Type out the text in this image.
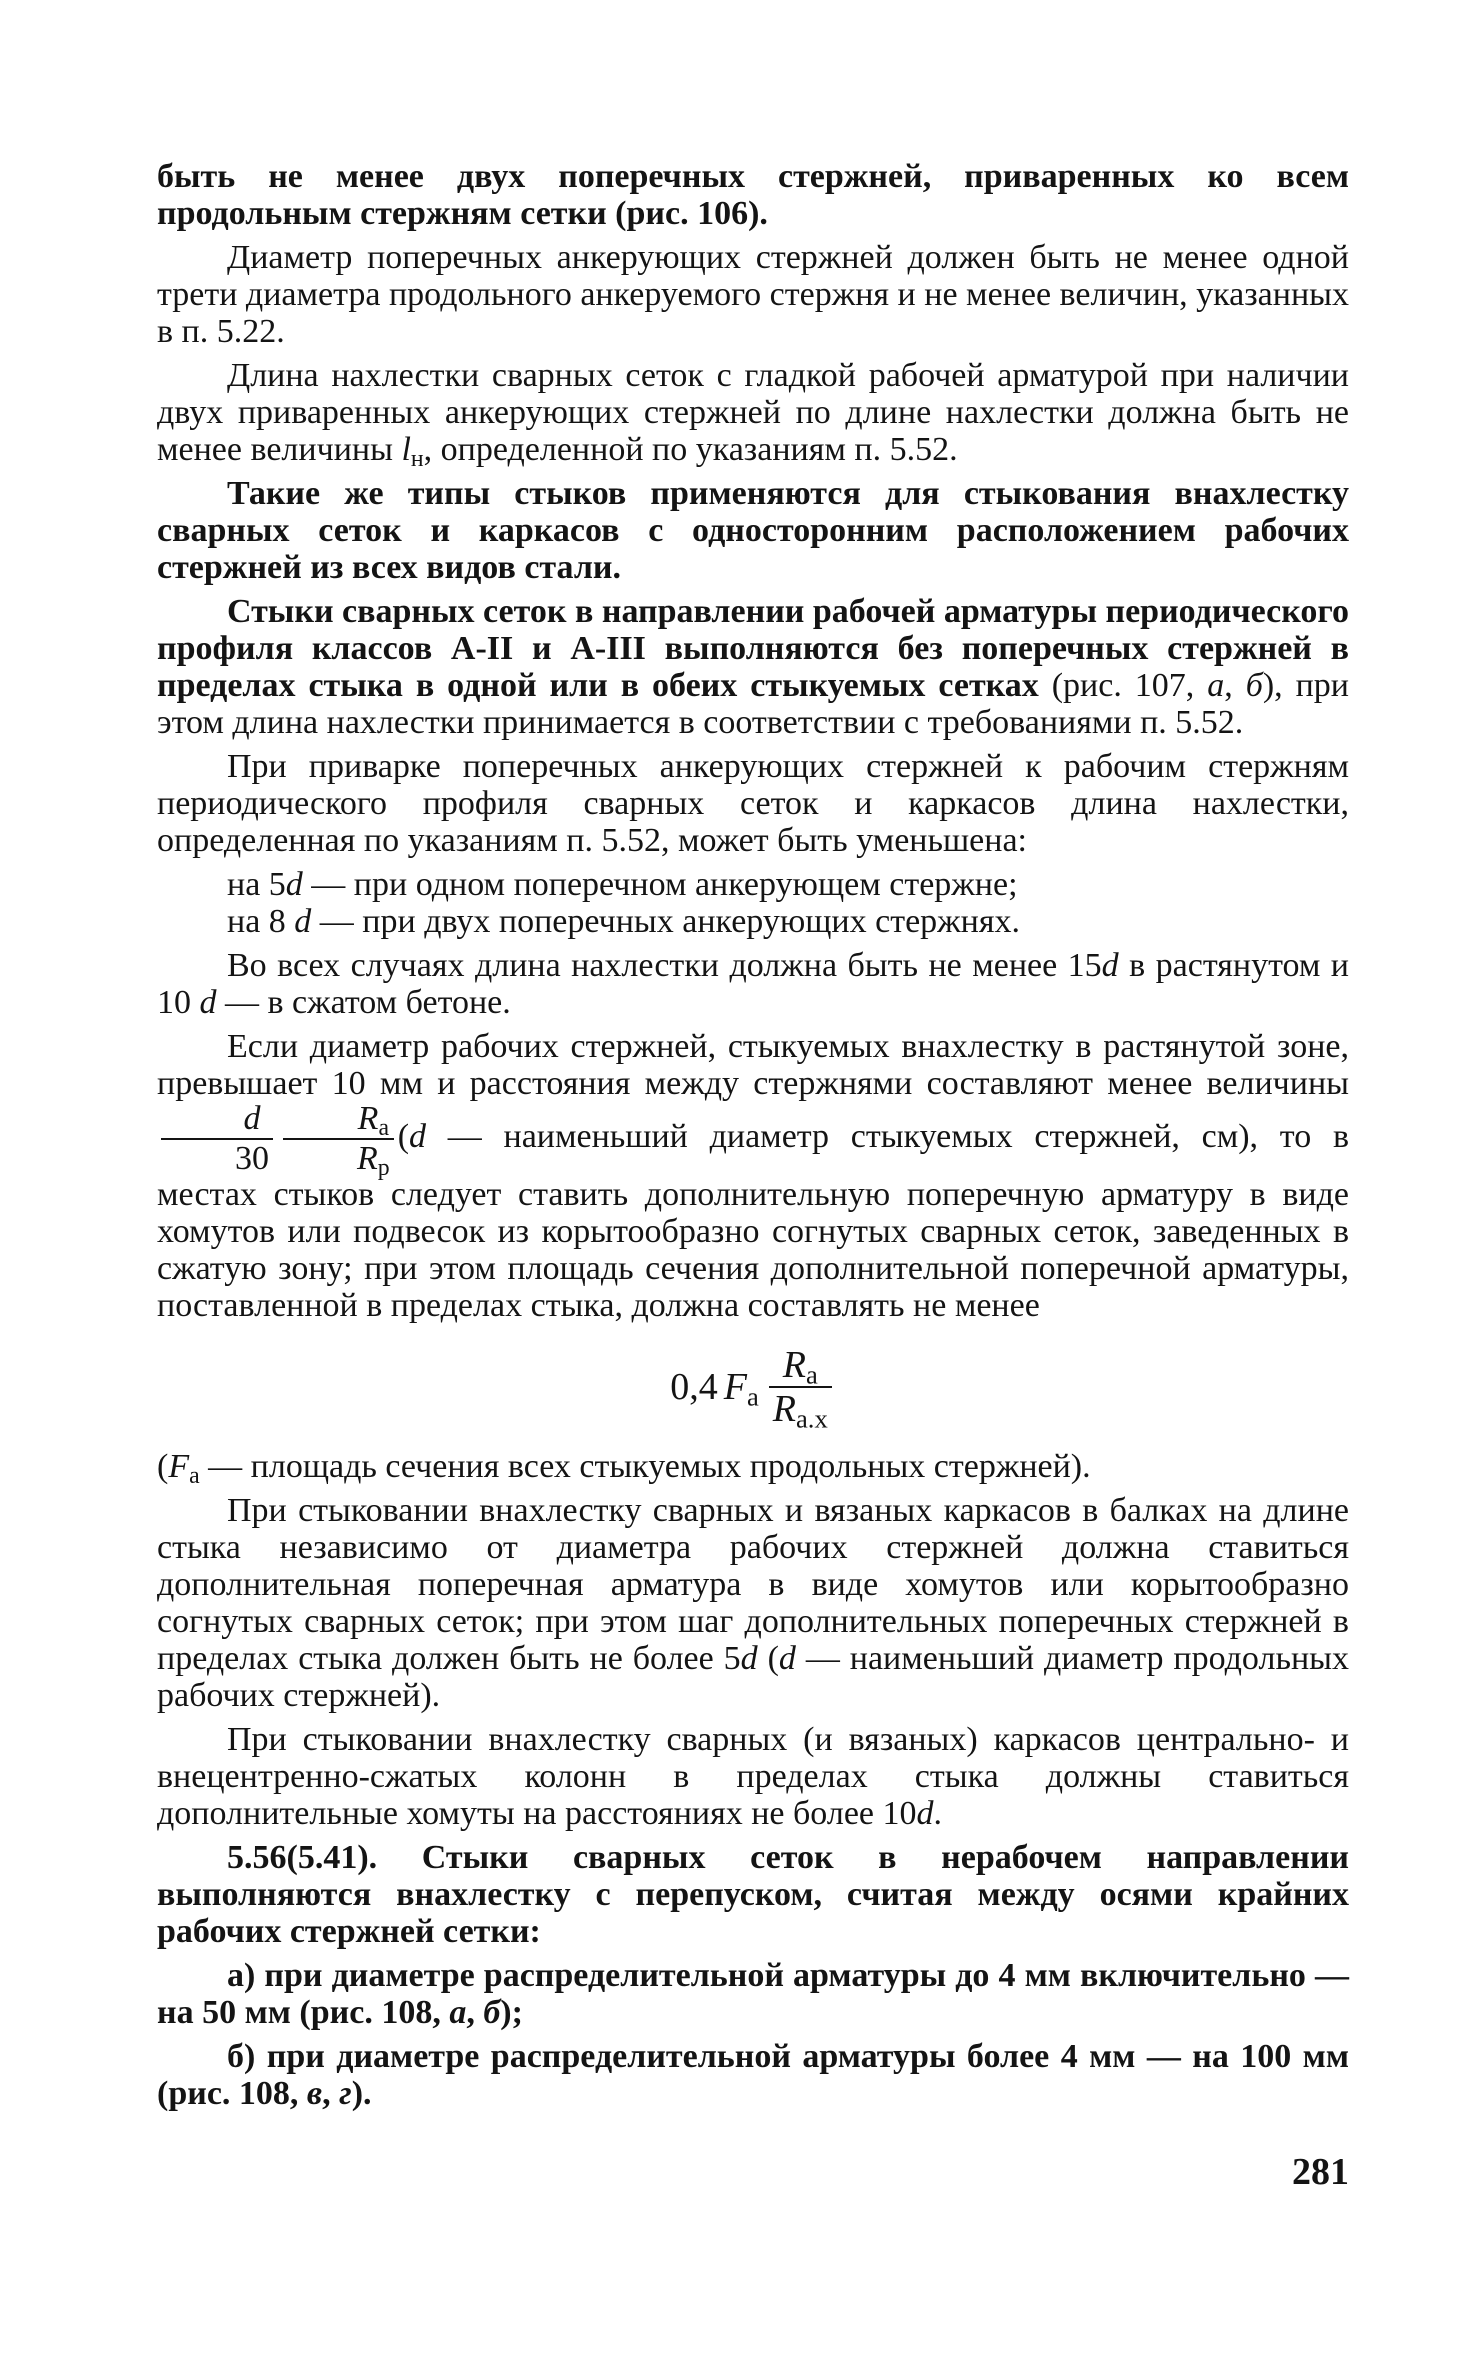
быть не менее двух поперечных стержней, приваренных ко всем продольным стержням сетки (рис. 106).

Диаметр поперечных анкерующих стержней должен быть не менее одной трети диаметра продольного анкеруемого стержня и не менее величин, указанных в п. 5.22.

Длина нахлестки сварных сеток с гладкой рабочей арматурой при наличии двух приваренных анкерующих стержней по длине нахлестки должна быть не менее величины $l_н$, определенной по указаниям п. 5.52.

Такие же типы стыков применяются для стыкования внахлестку сварных сеток и каркасов с односторонним расположением рабочих стержней из всех видов стали.

Стыки сварных сеток в направлении рабочей арматуры периодического профиля классов А-II и А-III выполняются без поперечных стержней в пределах стыка в одной или в обеих стыкуемых сетках (рис. 107, а, б), при этом длина нахлестки принимается в соответствии с требованиями п. 5.52.

При приварке поперечных анкерующих стержней к рабочим стержням периодического профиля сварных сеток и каркасов длина нахлестки, определенная по указаниям п. 5.52, может быть уменьшена:

на 5d — при одном поперечном анкерующем стержне;

на 8 d — при двух поперечных анкерующих стержнях.

Во всех случаях длина нахлестки должна быть не менее 15d в растянутом и 10 d — в сжатом бетоне.

Если диаметр рабочих стержней, стыкуемых внахлестку в растянутой зоне, превышает 10 мм и расстояния между стержнями составляют менее величины
$\frac{d}{30} \frac{R_a}{R_p} (d$ — наименьший диаметр стыкуемых стержней, см), то в местах стыков следует ставить дополнительную поперечную арматуру в виде хомутов или подвесок из корытообразно согнутых сварных сеток, заведенных в сжатую зону; при этом площадь сечения дополнительной поперечной арматуры, поставленной в пределах стыка, должна составлять не менее

0,4 $F_a \frac{R_a}{R_{a.x}}$

($F_a$ — площадь сечения всех стыкуемых продольных стержней).

При стыковании внахлестку сварных и вязаных каркасов в балках на длине стыка независимо от диаметра рабочих стержней должна ставиться дополнительная поперечная арматура в виде хомутов или корытообразно согнутых сварных сеток; при этом шаг дополнительных поперечных стержней в пределах стыка должен быть не более 5d (d — наименьший диаметр продольных рабочих стержней).

При стыковании внахлестку сварных (и вязаных) каркасов центрально- и внецентренно-сжатых колонн в пределах стыка должны ставиться дополнительные хомуты на расстояниях не более 10d.

5.56(5.41). Стыки сварных сеток в нерабочем направлении выполняются внахлестку с перепуском, считая между осями крайних рабочих стержней сетки:

а) при диаметре распределительной арматуры до 4 мм включительно — на 50 мм (рис. 108, а, б);

б) при диаметре распределительной арматуры более 4 мм — на 100 мм (рис. 108, в, г).

281
